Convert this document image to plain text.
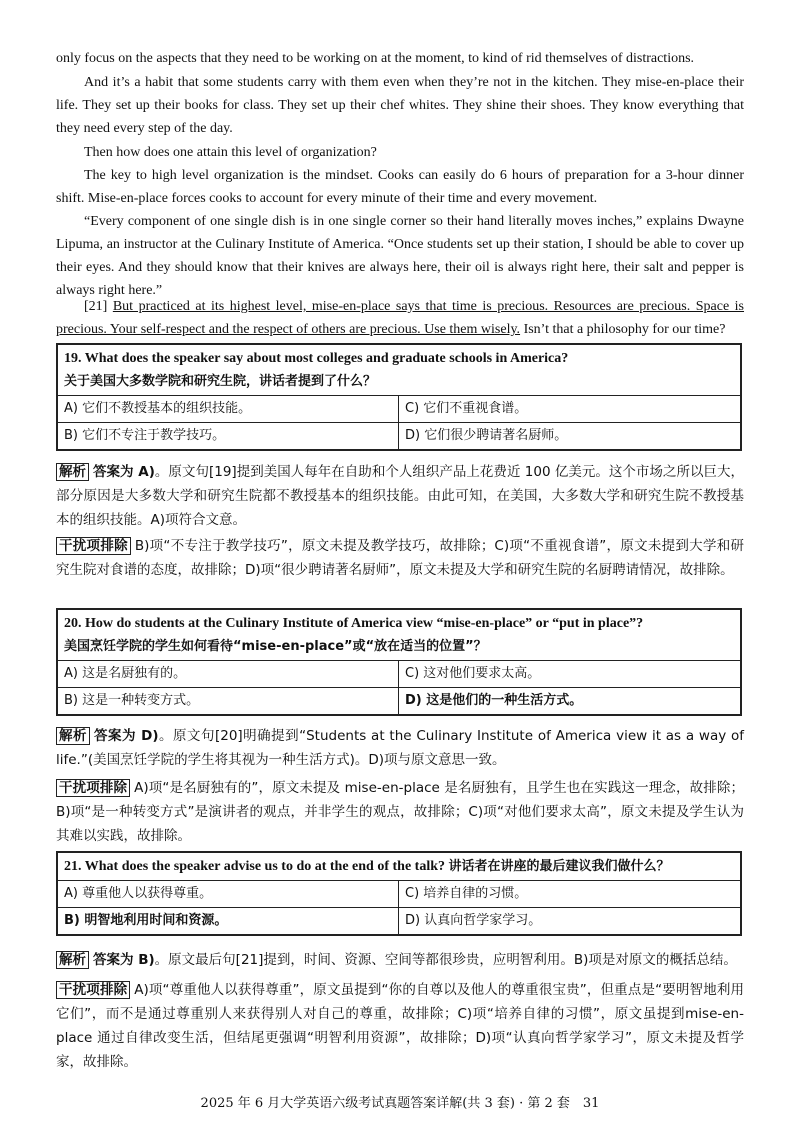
only focus on the aspects that they need to be working on at the moment, to kind of rid themselves of distractions.
And it’s a habit that some students carry with them even when they’re not in the kitchen. They mise-en-place their life. They set up their books for class. They set up their chef whites. They shine their shoes. They know everything that they need every step of the day.
Then how does one attain this level of organization?
The key to high level organization is the mindset. Cooks can easily do 6 hours of preparation for a 3-hour dinner shift. Mise-en-place forces cooks to account for every minute of their time and every movement.
“Every component of one single dish is in one single corner so their hand literally moves inches,” explains Dwayne Lipuma, an instructor at the Culinary Institute of America. “Once students set up their station, I should be able to cover up their eyes. And they should know that their knives are always here, their oil is always right here, their salt and pepper is always right here.”
[21] But practiced at its highest level, mise-en-place says that time is precious. Resources are precious. Space is precious. Your self-respect and the respect of others are precious. Use them wisely. Isn’t that a philosophy for our time?
19. What does the speaker say about most colleges and graduate schools in America?
关于美国大多数学院和研究生院，讲话者提到了什么？
A) 它们不教授基本的组织技能。	C) 它们不重视食谱。
B) 它们不专注于教学技巧。	D) 它们很少聘请著名厨师。
解析 答案为 A)。原文句[19]提到美国人每年在自助和个人组织产品上花费近 100 亿美元。这个市场之所以巨大，部分原因是大多数大学和研究生院都不教授基本的组织技能。由此可知，在美国，大多数大学和研究生院不教授基本的组织技能。A)项符合文意。
干扰项排除 B)项“不专注于教学技巧”，原文未提及教学技巧，故排除；C)项“不重视食谱”，原文未提到大学和研究生院对食谱的态度，故排除；D)项“很少聘请著名厨师”，原文未提及大学和研究生院的名厨聘请情况，故排除。
20. How do students at the Culinary Institute of America view “mise-en-place” or “put in place”?
美国烹饪学院的学生如何看待“mise-en-place”或“放在适当的位置”？
A) 这是名厨独有的。	C) 这对他们要求太高。
B) 这是一种转变方式。	D) 这是他们的一种生活方式。
解析 答案为 D)。原文句[20]明确提到“Students at the Culinary Institute of America view it as a way of life.”(美国烹饪学院的学生将其视为一种生活方式)。D)项与原文意思一致。
干扰项排除 A)项“是名厨独有的”，原文未提及 mise-en-place 是名厨独有，且学生也在实践这一理念，故排除；B)项“是一种转变方式”是演讲者的观点，并非学生的观点，故排除；C)项“对他们要求太高”，原文未提及学生认为其难以实践，故排除。
21. What does the speaker advise us to do at the end of the talk? 讲话者在讲座的最后建议我们做什么？
A) 尊重他人以获得尊重。	C) 培养自律的习惯。
B) 明智地利用时间和资源。	D) 认真向哲学家学习。
解析 答案为 B)。原文最后句[21]提到，时间、资源、空间等都很珍贵，应明智利用。B)项是对原文的概括总结。
干扰项排除 A)项“尊重他人以获得尊重”，原文虽提到“你的自尊以及他人的尊重很宝贵”，但重点是“要明智地利用它们”，而不是通过尊重别人来获得别人对自己的尊重，故排除；C)项“培养自律的习惯”，原文虽提到mise-en-place 通过自律改变生活，但结尾更强调“明智利用资源”，故排除；D)项“认真向哲学家学习”，原文未提及哲学家，故排除。
2025 年 6 月大学英语六级考试真题答案详解(共 3 套) · 第 2 套　31
